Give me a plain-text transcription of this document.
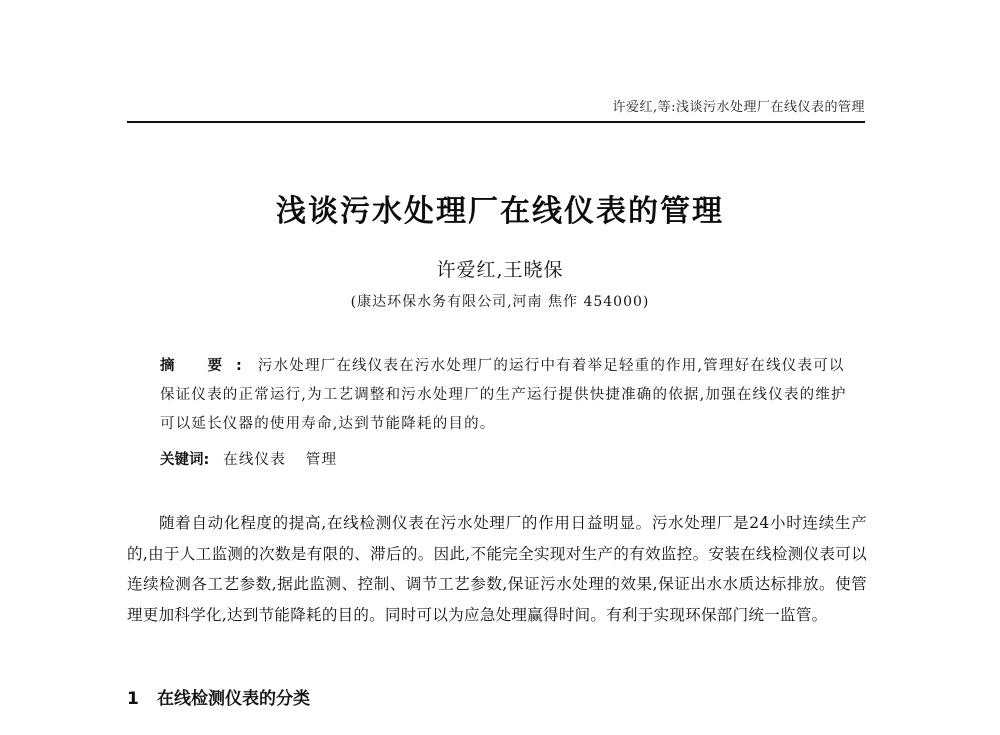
许爱红,等:浅谈污水处理厂在线仪表的管理
浅谈污水处理厂在线仪表的管理
许爱红,王晓保
(康达环保水务有限公司,河南 焦作 454000)
摘 要: 污水处理厂在线仪表在污水处理厂的运行中有着举足轻重的作用,管理好在线仪表可以保证仪表的正常运行,为工艺调整和污水处理厂的生产运行提供快捷准确的依据,加强在线仪表的维护可以延长仪器的使用寿命,达到节能降耗的目的。
关键词: 在线仪表 管理

随着自动化程度的提高,在线检测仪表在污水处理厂的作用日益明显。污水处理厂是24小时连续生产的,由于人工监测的次数是有限的、滞后的。因此,不能完全实现对生产的有效监控。安装在线检测仪表可以连续检测各工艺参数,据此监测、控制、调节工艺参数,保证污水处理的效果,保证出水水质达标排放。使管理更加科学化,达到节能降耗的目的。同时可以为应急处理赢得时间。有利于实现环保部门统一监管。

1 在线检测仪表的分类
